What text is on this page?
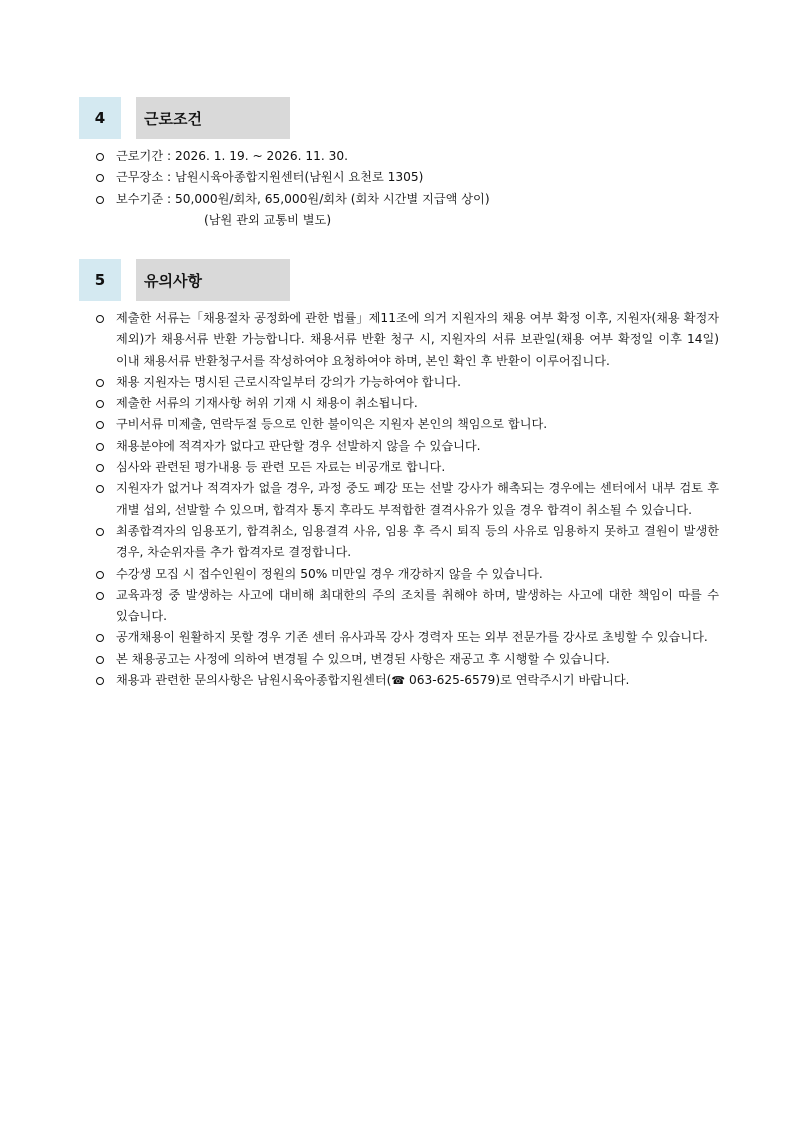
4	근로조건
근로기간 : 2026. 1. 19. ~ 2026. 11. 30.
근무장소 : 남원시육아종합지원센터(남원시 요천로 1305)
보수기준 : 50,000원/회차, 65,000원/회차 (회차 시간별 지급액 상이)
(남원 관외 교통비 별도)
5	유의사항
제출한 서류는「채용절차 공정화에 관한 법률」제11조에 의거 지원자의 채용 여부 확정 이후, 지원자(채용 확정자 제외)가 채용서류 반환 가능합니다. 채용서류 반환 청구 시, 지원자의 서류 보관일(채용 여부 확정일 이후 14일) 이내 채용서류 반환청구서를 작성하여야 요청하여야 하며, 본인 확인 후 반환이 이루어집니다.
채용 지원자는 명시된 근로시작일부터 강의가 가능하여야 합니다.
제출한 서류의 기재사항 허위 기재 시 채용이 취소됩니다.
구비서류 미제출, 연락두절 등으로 인한 불이익은 지원자 본인의 책임으로 합니다.
채용분야에 적격자가 없다고 판단할 경우 선발하지 않을 수 있습니다.
심사와 관련된 평가내용 등 관련 모든 자료는 비공개로 합니다.
지원자가 없거나 적격자가 없을 경우, 과정 중도 폐강 또는 선발 강사가 해촉되는 경우에는 센터에서 내부 검토 후 개별 섭외, 선발할 수 있으며, 합격자 통지 후라도 부적합한 결격사유가 있을 경우 합격이 취소될 수 있습니다.
최종합격자의 임용포기, 합격취소, 임용결격 사유, 임용 후 즉시 퇴직 등의 사유로 임용하지 못하고 결원이 발생한 경우, 차순위자를 추가 합격자로 결정합니다.
수강생 모집 시 접수인원이 정원의 50% 미만일 경우 개강하지 않을 수 있습니다.
교육과정 중 발생하는 사고에 대비해 최대한의 주의 조치를 취해야 하며, 발생하는 사고에 대한 책임이 따를 수 있습니다.
공개채용이 원활하지 못할 경우 기존 센터 유사과목 강사 경력자 또는 외부 전문가를 강사로 초빙할 수 있습니다.
본 채용공고는 사정에 의하여 변경될 수 있으며, 변경된 사항은 재공고 후 시행할 수 있습니다.
채용과 관련한 문의사항은 남원시육아종합지원센터(☎ 063-625-6579)로 연락주시기 바랍니다.
